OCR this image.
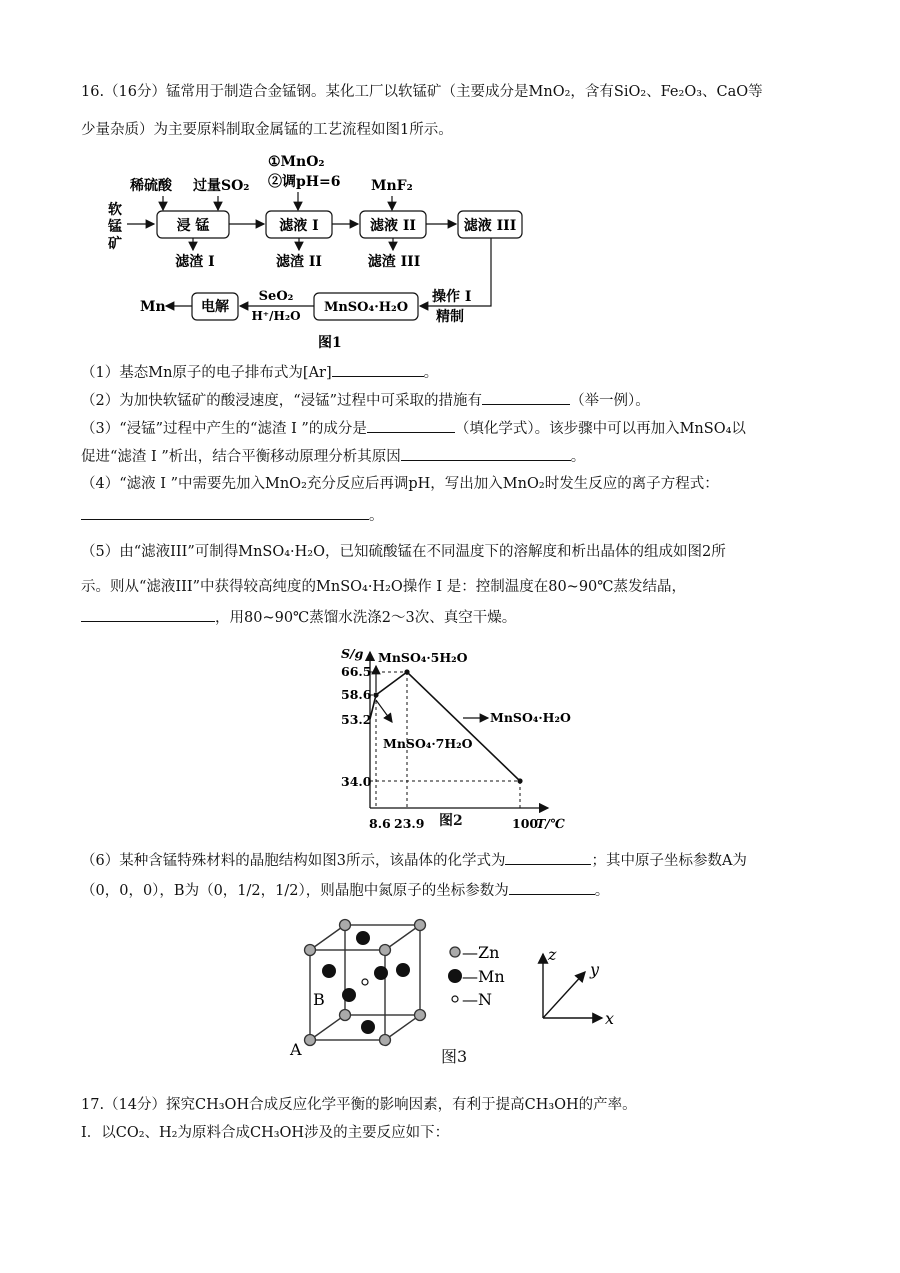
16.（16分）锰常用于制造合金锰钢。某化工厂以软锰矿（主要成分是MnO₂，含有SiO₂、Fe₂O₃、CaO等
少量杂质）为主要原料制取金属锰的工艺流程如图1所示。
软
锰
矿
稀硫酸 过量SO₂
①MnO₂
②调pH=6 MnF₂
浸 锰	滤液 I	滤液 II	滤液 III
滤渣 I	滤渣 II	滤渣 III
操作 I
精制
MnSO₄·H₂O
SeO₂
H⁺/H₂O
电解
Mn
图1
（1）基态Mn原子的电子排布式为[Ar]	。
（2）为加快软锰矿的酸浸速度，“浸锰”过程中可采取的措施有	（举一例）。
（3）“浸锰”过程中产生的“滤渣 I ”的成分是	（填化学式）。该步骤中可以再加入MnSO₄以
促进“滤渣 I ”析出，结合平衡移动原理分析其原因	。
（4）“滤液 I ”中需要先加入MnO₂充分反应后再调pH，写出加入MnO₂时发生反应的离子方程式：
。
（5）由“滤液III”可制得MnSO₄·H₂O，已知硫酸锰在不同温度下的溶解度和析出晶体的组成如图2所
示。则从“滤液III”中获得较高纯度的MnSO₄·H₂O操作 I 是：控制温度在80~90℃蒸发结晶，
，用80~90℃蒸馏水洗涤2～3次、真空干燥。
S/g
T/℃
66.5
58.6
53.2
34.0
8.6 23.9	100
MnSO₄·5H₂O
MnSO₄·7H₂O
MnSO₄·H₂O
图2
（6）某种含锰特殊材料的晶胞结构如图3所示，该晶体的化学式为	；其中原子坐标参数A为
（0，0，0），B为（0，1/2，1/2），则晶胞中氮原子的坐标参数为	。
A
B
—Zn
—Mn
—N
z
y
x
图3
17.（14分）探究CH₃OH合成反应化学平衡的影响因素，有利于提高CH₃OH的产率。
I．以CO₂、H₂为原料合成CH₃OH涉及的主要反应如下：
